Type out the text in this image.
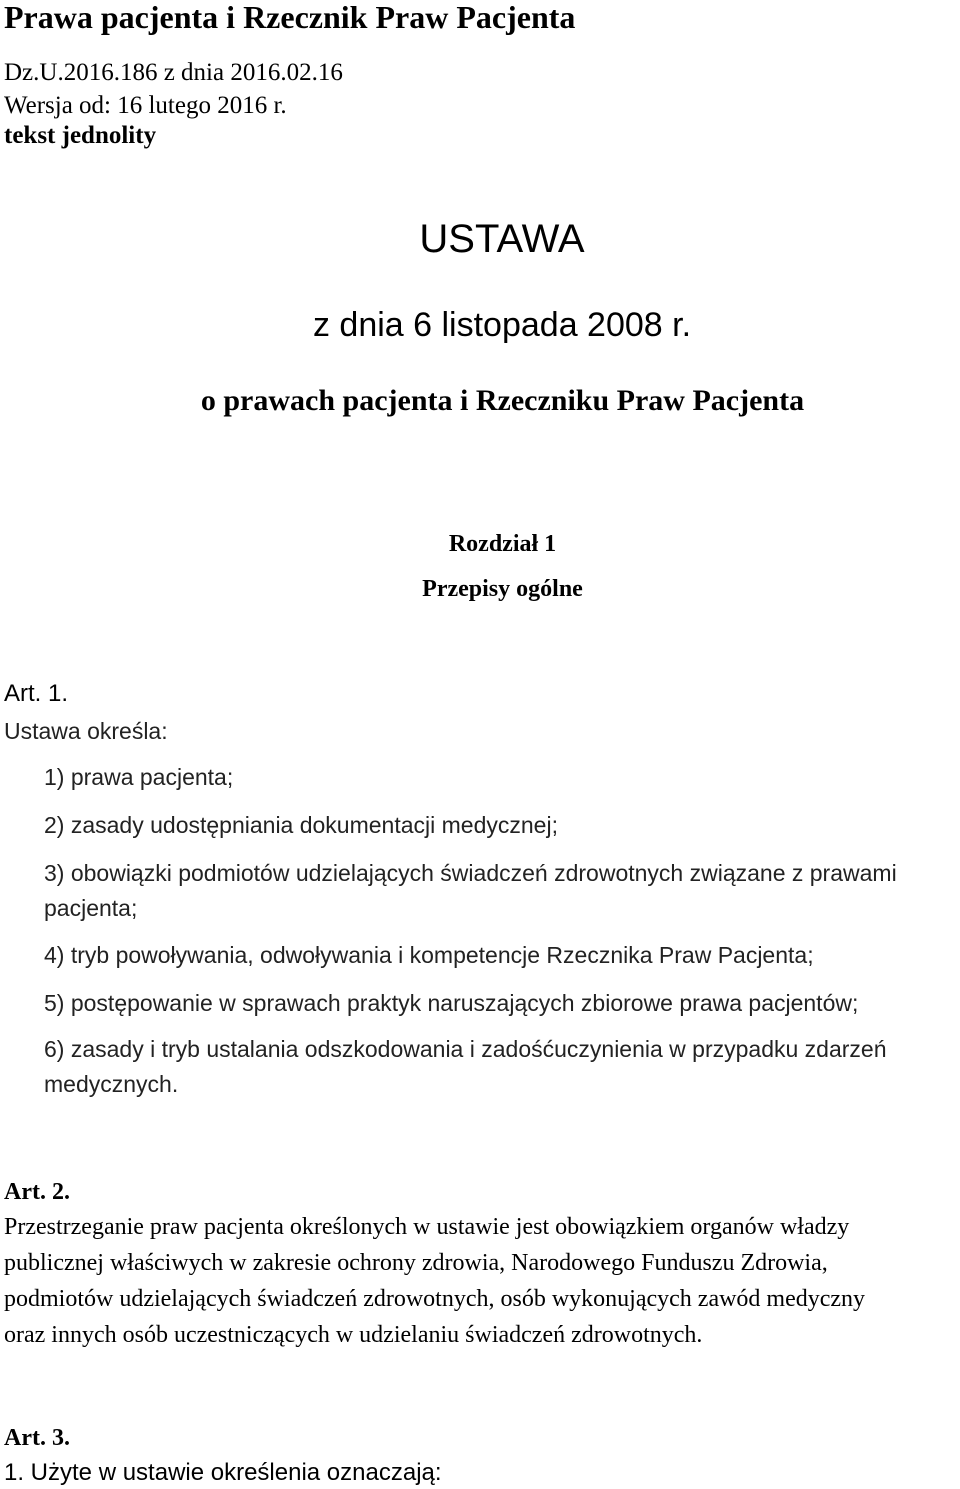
Prawa pacjenta i Rzecznik Praw Pacjenta
Dz.U.2016.186 z dnia 2016.02.16
Wersja od: 16 lutego 2016 r.
tekst jednolity
USTAWA
z dnia 6 listopada 2008 r.
o prawach pacjenta i Rzeczniku Praw Pacjenta
Rozdział 1
Przepisy ogólne
Art. 1.
Ustawa określa:
1) prawa pacjenta;
2) zasady udostępniania dokumentacji medycznej;
3) obowiązki podmiotów udzielających świadczeń zdrowotnych związane z prawami pacjenta;
4) tryb powoływania, odwoływania i kompetencje Rzecznika Praw Pacjenta;
5) postępowanie w sprawach praktyk naruszających zbiorowe prawa pacjentów;
6) zasady i tryb ustalania odszkodowania i zadośćuczynienia w przypadku zdarzeń medycznych.
Art. 2.
Przestrzeganie praw pacjenta określonych w ustawie jest obowiązkiem organów władzy
publicznej właściwych w zakresie ochrony zdrowia, Narodowego Funduszu Zdrowia,
podmiotów udzielających świadczeń zdrowotnych, osób wykonujących zawód medyczny
oraz innych osób uczestniczących w udzielaniu świadczeń zdrowotnych.
Art. 3.
1. Użyte w ustawie określenia oznaczają:
